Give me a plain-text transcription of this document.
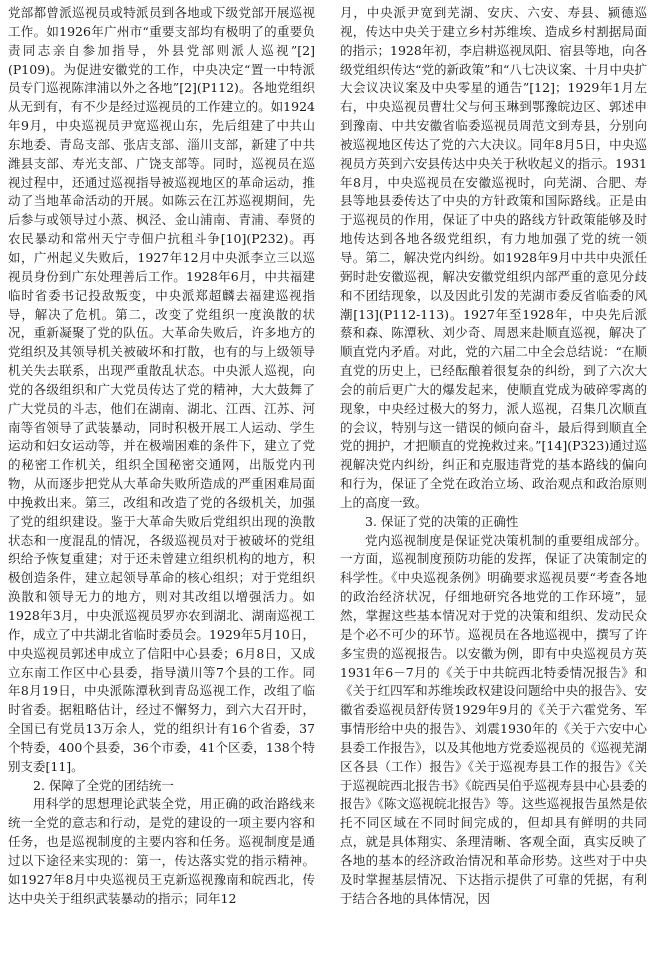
党部都曾派巡视员或特派员到各地或下级党部开展巡视工作。如1926年广州市“重要支部均有极明了的重要负责同志亲自参加指导，外县党部则派人巡视”[2](P109)。为促进安徽党的工作，中央决定“置一中特派员专门巡视陈津浦以外之各地”[2](P112)。各地党组织从无到有，有不少是经过巡视员的工作建立的。如1924年9月，中央巡视员尹宽巡视山东，先后组建了中共山东地委、青岛支部、张店支部、淄川支部，新建了中共潍县支部、寿光支部、广饶支部等。同时，巡视员在巡视过程中，还通过巡视指导被巡视地区的革命运动，推动了当地革命活动的开展。如陈云在江苏巡视期间，先后参与或领导过小蒸、枫泾、金山浦南、青浦、奉贤的农民暴动和常州天宁寺佃户抗租斗争[10](P232)。再如，广州起义失败后，1927年12月中央派李立三以巡视员身份到广东处理善后工作。1928年6月，中共福建临时省委书记投敌叛变，中央派郑超麟去福建巡视指导，解决了危机。第二，改变了党组织一度涣散的状况，重新凝聚了党的队伍。大革命失败后，许多地方的党组织及其领导机关被破坏和打散，也有的与上级领导机关失去联系，出现严重散乱状态。中央派人巡视，向党的各级组织和广大党员传达了党的精神，大大鼓舞了广大党员的斗志，他们在湖南、湖北、江西、江苏、河南等省领导了武装暴动，同时积极开展工人运动、学生运动和妇女运动等，并在极端困难的条件下，建立了党的秘密工作机关，组织全国秘密交通网，出版党内刊物，从而逐步把党从大革命失败所造成的严重困难局面中挽救出来。第三，改组和改造了党的各级机关，加强了党的组织建设。鉴于大革命失败后党组织出现的涣散状态和一度混乱的情况，各级巡视员对于被破坏的党组织给予恢复重建；对于还未曾建立组织机构的地方，积极创造条件，建立起领导革命的核心组织；对于党组织涣散和领导无力的地方，则对其改组以增强活力。如1928年3月，中央派巡视员罗亦农到湖北、湖南巡视工作，成立了中共湖北省临时委员会。1929年5月10日，中央巡视员郭述申成立了信阳中心县委；6月8日，又成立东南工作区中心县委，指导潢川等7个县的工作。同年8月19日，中央派陈潭秋到青岛巡视工作，改组了临时省委。据粗略估计，经过不懈努力，到六大召开时，全国已有党员13万余人，党的组织计有16个省委，37个特委，400个县委，36个市委，41个区委，138个特别支委[11]。

2. 保障了全党的团结统一

用科学的思想理论武装全党，用正确的政治路线来统一全党的意志和行动，是党的建设的一项主要内容和任务，也是巡视制度的主要内容和任务。巡视制度是通过以下途径来实现的：第一，传达落实党的指示精神。如1927年8月中央巡视员王克新巡视豫南和皖西北，传达中央关于组织武装暴动的指示；同年12

月，中央派尹宽到芜湖、安庆、六安、寿县、颍德巡视，传达中央关于建立乡村苏维埃、造成乡村割据局面的指示；1928年初，李启耕巡视凤阳、宿县等地，向各级党组织传达“党的新政策”和“八七决议案、十月中央扩大会议决议案及中央零星的通告”[12]；1929年1月左右，中央巡视员曹壮父与何玉琳到鄂豫皖边区、郭述申到豫南、中共安徽省临委巡视员周范文到寿县，分别向被巡视地区传达了党的六大决议。同年8月5日，中央巡视员方英到六安县传达中央关于秋收起义的指示。1931年8月，中央巡视员在安徽巡视时，向芜湖、合肥、寿县等地县委传达了中央的方针政策和国际路线。正是由于巡视员的作用，保证了中央的路线方针政策能够及时地传达到各地各级党组织，有力地加强了党的统一领导。第二，解决党内纠纷。如1928年9月中共中央派任弼时赴安徽巡视，解决安徽党组织内部严重的意见分歧和不团结现象，以及因此引发的芜湖市委反省临委的风潮[13](P112-113)。1927年至1928年，中央先后派蔡和森、陈潭秋、刘少奇、周恩来赴顺直巡视，解决了顺直党内矛盾。对此，党的六届二中全会总结说：“在顺直党的历史上，已经酝酿着很复杂的纠纷，到了六次大会的前后更广大的爆发起来，使顺直党成为破碎零离的现象，中央经过极大的努力，派人巡视，召集几次顺直的会议，特别与这一错误的倾向奋斗，最后得到顺直全党的拥护，才把顺直的党挽救过来。”[14](P323)通过巡视解决党内纠纷，纠正和克服违背党的基本路线的偏向和行为，保证了全党在政治立场、政治观点和政治原则上的高度一致。

3. 保证了党的决策的正确性

党内巡视制度是保证党决策机制的重要组成部分。一方面，巡视制度预防功能的发挥，保证了决策制定的科学性。《中央巡视条例》明确要求巡视员要“考查各地的政治经济状况，仔细地研究各地党的工作环境”，显然，掌握这些基本情况对于党的决策和组织、发动民众是个必不可少的环节。巡视员在各地巡视中，撰写了许多宝贵的巡视报告。以安徽为例，即有中央巡视员方英1931年6－7月的《关于中共皖西北特委情况报告》和《关于红四军和苏维埃政权建设问题给中央的报告》、安徽省委巡视员舒传贤1929年9月的《关于六霍党务、军事情形给中央的报告》、刘震1930年的《关于六安中心县委工作报告》，以及其他地方党委巡视员的《巡视芜湖区各县（工作）报告》《关于巡视寿县工作的报告》《关于巡视皖西北报告书》《皖西吴伯乎巡视寿县中心县委的报告》《陈文巡视皖北报告》等。这些巡视报告虽然是依托不同区域在不同时间完成的，但却具有鲜明的共同点，就是具体翔实、条理清晰、客观全面，真实反映了各地的基本的经济政治情况和革命形势。这些对于中央及时掌握基层情况、下达指示提供了可靠的凭据，有利于结合各地的具体情况，因
